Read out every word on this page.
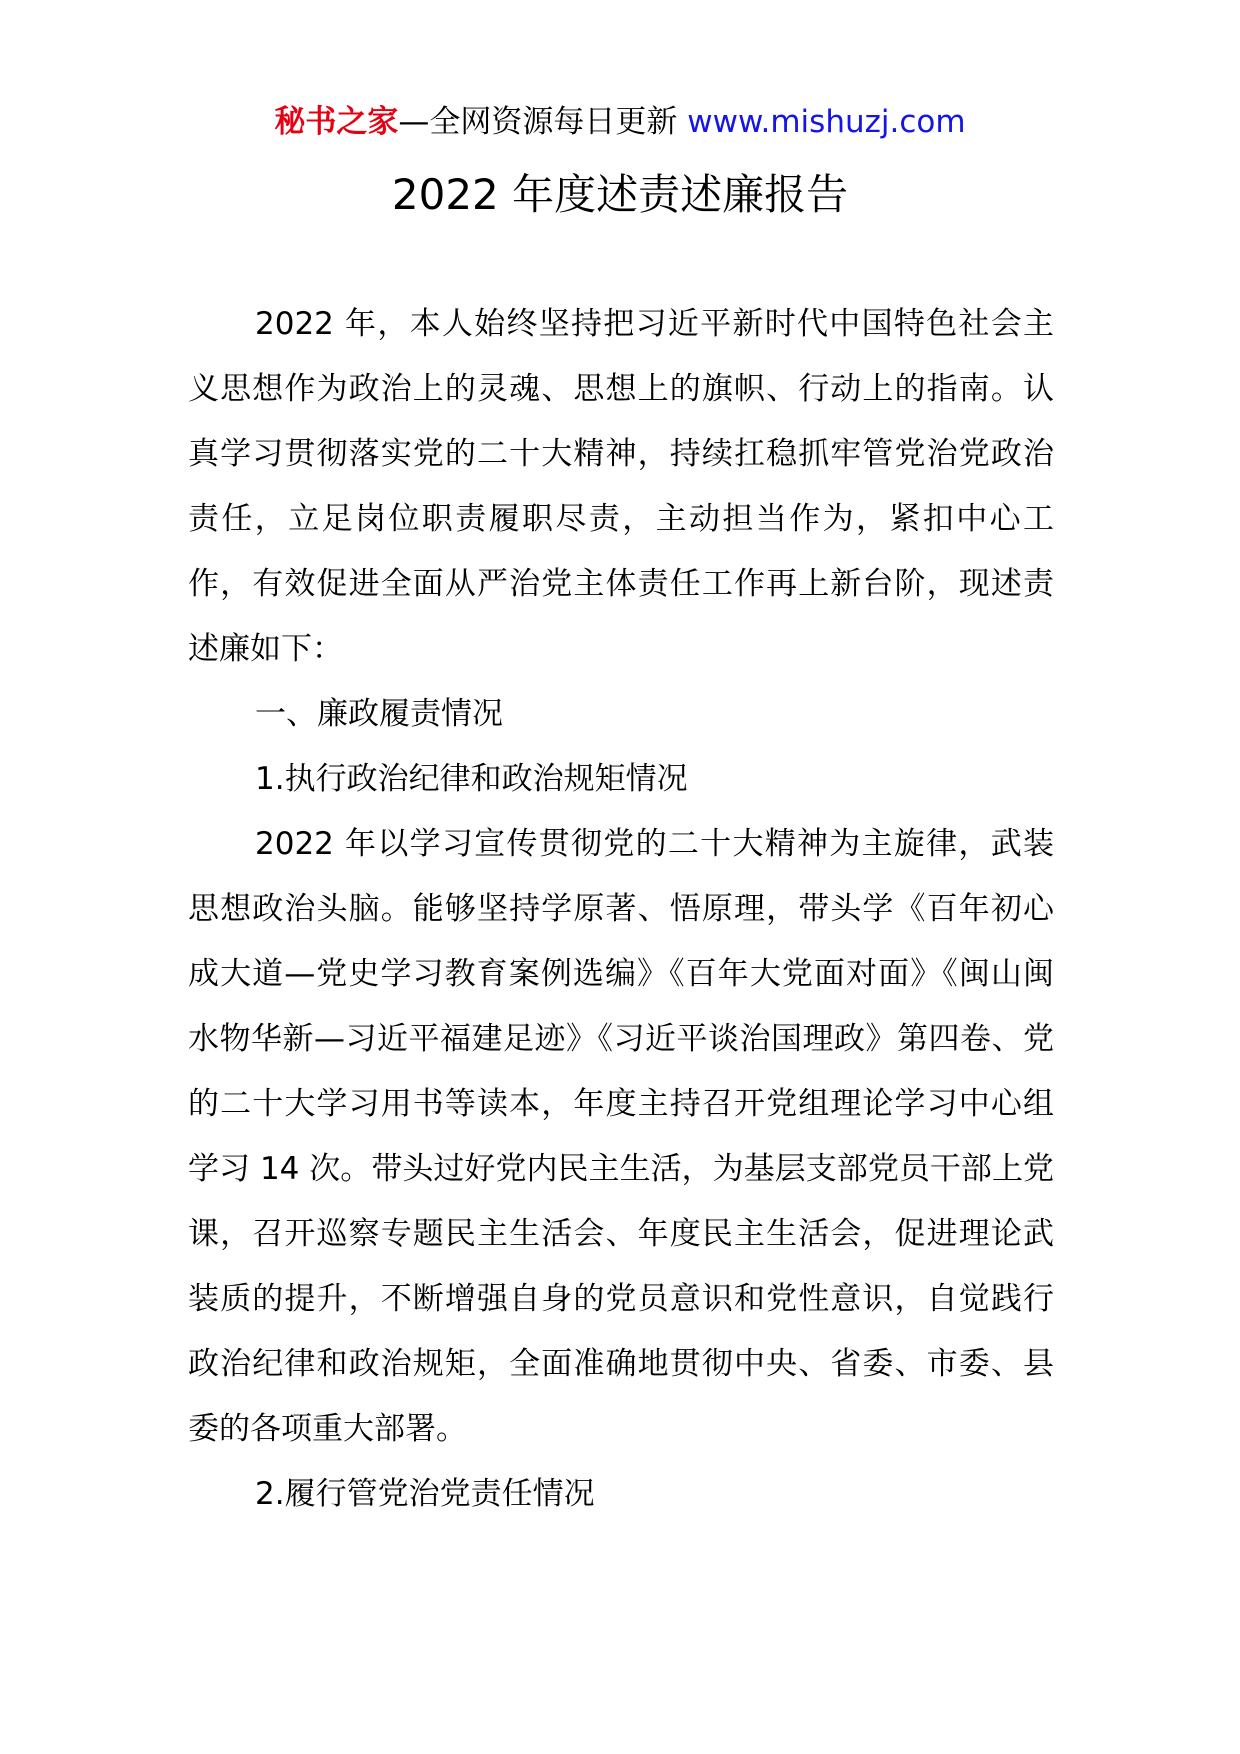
秘书之家—全网资源每日更新 www.mishuzj.com
2022 年度述责述廉报告

2022 年，本人始终坚持把习近平新时代中国特色社会主义思想作为政治上的灵魂、思想上的旗帜、行动上的指南。认真学习贯彻落实党的二十大精神，持续扛稳抓牢管党治党政治责任，立足岗位职责履职尽责，主动担当作为，紧扣中心工作，有效促进全面从严治党主体责任工作再上新台阶，现述责述廉如下：

一、廉政履责情况

1.执行政治纪律和政治规矩情况

2022 年以学习宣传贯彻党的二十大精神为主旋律，武装思想政治头脑。能够坚持学原著、悟原理，带头学《百年初心成大道—党史学习教育案例选编》《百年大党面对面》《闽山闽水物华新—习近平福建足迹》《习近平谈治国理政》第四卷、党的二十大学习用书等读本，年度主持召开党组理论学习中心组学习 14 次。带头过好党内民主生活，为基层支部党员干部上党课，召开巡察专题民主生活会、年度民主生活会，促进理论武装质的提升，不断增强自身的党员意识和党性意识，自觉践行政治纪律和政治规矩，全面准确地贯彻中央、省委、市委、县委的各项重大部署。

2.履行管党治党责任情况
